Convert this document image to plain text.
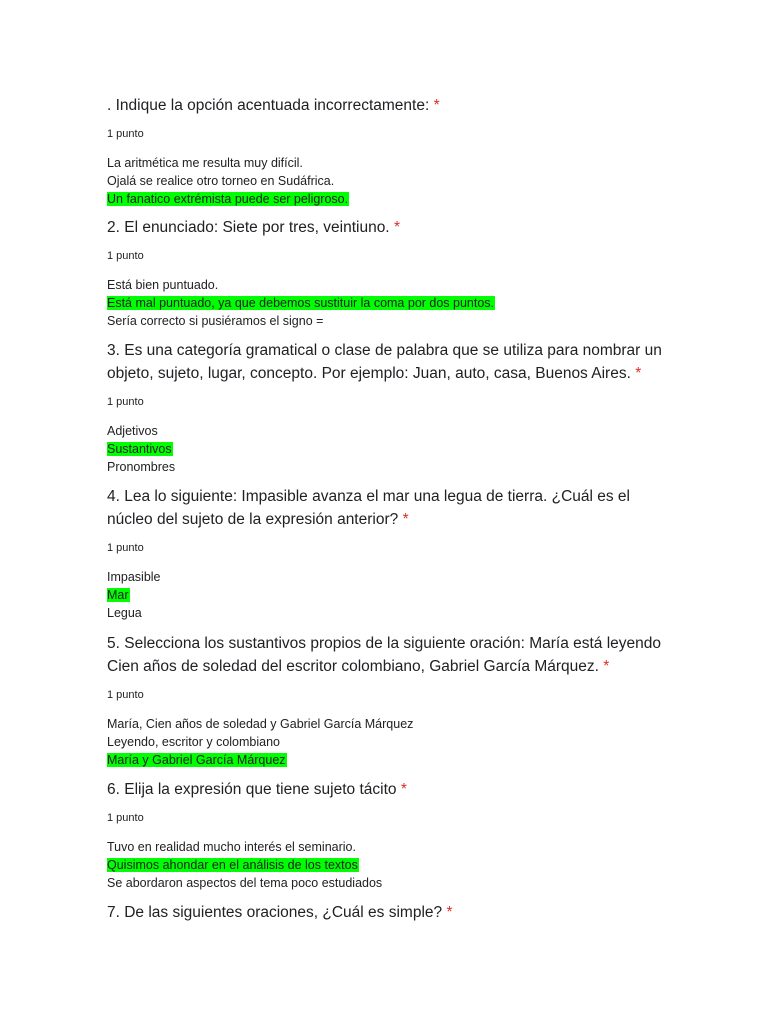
. Indique la opción acentuada incorrectamente: *

1 punto
La aritmética me resulta muy difícil.
Ojalá se realice otro torneo en Sudáfrica.
Un fanatico extrémista puede ser peligroso.

2. El enunciado: Siete por tres, veintiuno. *

1 punto
Está bien puntuado.
Está mal puntuado, ya que debemos sustituir la coma por dos puntos.
Sería correcto si pusiéramos el signo =

3. Es una categoría gramatical o clase de palabra que se utiliza para nombrar un
objeto, sujeto, lugar, concepto. Por ejemplo: Juan, auto, casa, Buenos Aires. *

1 punto
Adjetivos
Sustantivos
Pronombres

4. Lea lo siguiente: Impasible avanza el mar una legua de tierra. ¿Cuál es el
núcleo del sujeto de la expresión anterior? *

1 punto
Impasible
Mar
Legua

5. Selecciona los sustantivos propios de la siguiente oración: María está leyendo
Cien años de soledad del escritor colombiano, Gabriel García Márquez. *

1 punto
María, Cien años de soledad y Gabriel García Márquez
Leyendo, escritor y colombiano
María y Gabriel García Márquez

6. Elija la expresión que tiene sujeto tácito *

1 punto
Tuvo en realidad mucho interés el seminario.
Quisimos ahondar en el análisis de los textos
Se abordaron aspectos del tema poco estudiados

7. De las siguientes oraciones, ¿Cuál es simple? *
